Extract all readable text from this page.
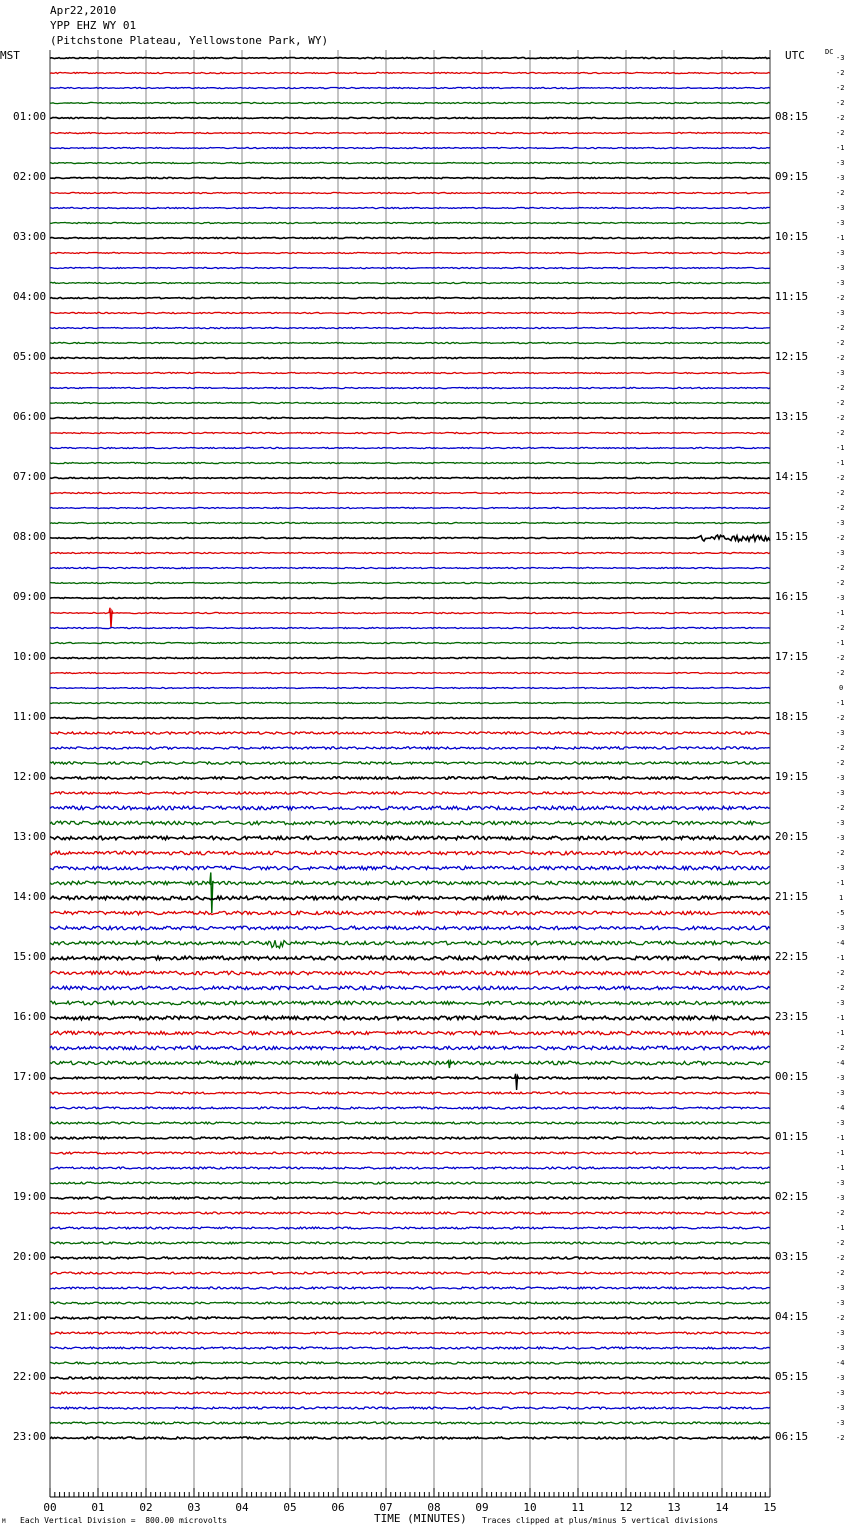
00	01	02	03	04	05	06	07	08	09	10	11	12	13	14	15
Apr22,2010
YPP EHZ WY 01
(Pitchstone Plateau, Yellowstone Park, WY)
MST	UTC	DC
01:00
02:00
03:00
04:00
05:00
06:00
07:00
08:00
09:00
10:00
11:00
12:00
13:00
14:00
15:00
16:00
17:00
18:00
19:00
20:00
21:00
22:00
23:00
08:15
09:15
10:15
11:15
12:15
13:15
14:15
15:15
16:15
17:15
18:15
19:15
20:15
21:15
22:15
23:15
00:15
01:15
02:15
03:15
04:15
05:15
06:15
-3
-2
-2
-2
-2
-2
-1
-3
-3
-2
-3
-3
-1
-3
-3
-3
-2
-3
-2
-2
-2
-3
-2
-2
-2
-2
-1
-1
-2
-2
-2
-3
-2
-3
-2
-2
-3
-1
-2
-1
-2
-2
0
-1
-2
-3
-2
-2
-3
-3
-2
-3
-3
-2
-3
-1
1
-5
-3
-4
-1
-2
-2
-3
-1
-1
-2
-4
-3
-3
-4
-3
-1
-1
-1
-3
-3
-2
-1
-2
-2
-2
-3
-3
-2
-3
-3
-4
-3
-3
-3
-3
-2
M Each Vertical Division =  800.00 microvolts	TIME (MINUTES) Traces clipped at plus/minus 5 vertical divisions
